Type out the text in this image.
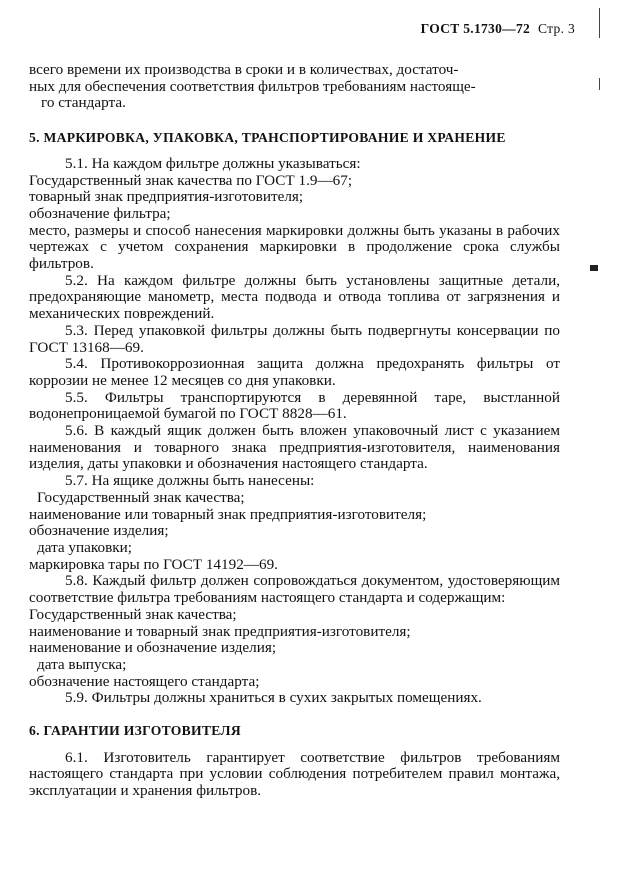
ГОСТ 5.1730—72 Стр. 3

всего времени их производства в сроки и в количествах, достаточ-

ных для обеспечения соответствия фильтров требованиям настояще-

го стандарта.

5. МАРКИРОВКА, УПАКОВКА, ТРАНСПОРТИРОВАНИЕ И ХРАНЕНИЕ

5.1. На каждом фильтре должны указываться:

Государственный знак качества по ГОСТ 1.9—67;

товарный знак предприятия-изготовителя;

обозначение фильтра;

место, размеры и способ нанесения маркировки должны быть указаны в рабочих чертежах с учетом сохранения маркировки в продолжение срока службы фильтров.

5.2. На каждом фильтре должны быть установлены защитные детали, предохраняющие манометр, места подвода и отвода топлива от загрязнения и механических повреждений.

5.3. Перед упаковкой фильтры должны быть подвергнуты консервации по ГОСТ 13168—69.

5.4. Противокоррозионная защита должна предохранять фильтры от коррозии не менее 12 месяцев со дня упаковки.

5.5. Фильтры транспортируются в деревянной таре, выстланной водонепроницаемой бумагой по ГОСТ 8828—61.

5.6. В каждый ящик должен быть вложен упаковочный лист с указанием наименования и товарного знака предприятия-изготовителя, наименования изделия, даты упаковки и обозначения настоящего стандарта.

5.7. На ящике должны быть нанесены:

Государственный знак качества;

наименование или товарный знак предприятия-изготовителя;

обозначение изделия;

дата упаковки;

маркировка тары по ГОСТ 14192—69.

5.8. Каждый фильтр должен сопровождаться документом, удостоверяющим соответствие фильтра требованиям настоящего стандарта и содержащим:

Государственный знак качества;

наименование и товарный знак предприятия-изготовителя;

наименование и обозначение изделия;

дата выпуска;

обозначение настоящего стандарта;

5.9. Фильтры должны храниться в сухих закрытых помещениях.

6. ГАРАНТИИ ИЗГОТОВИТЕЛЯ

6.1. Изготовитель гарантирует соответствие фильтров требованиям настоящего стандарта при условии соблюдения потребителем правил монтажа, эксплуатации и хранения фильтров.
